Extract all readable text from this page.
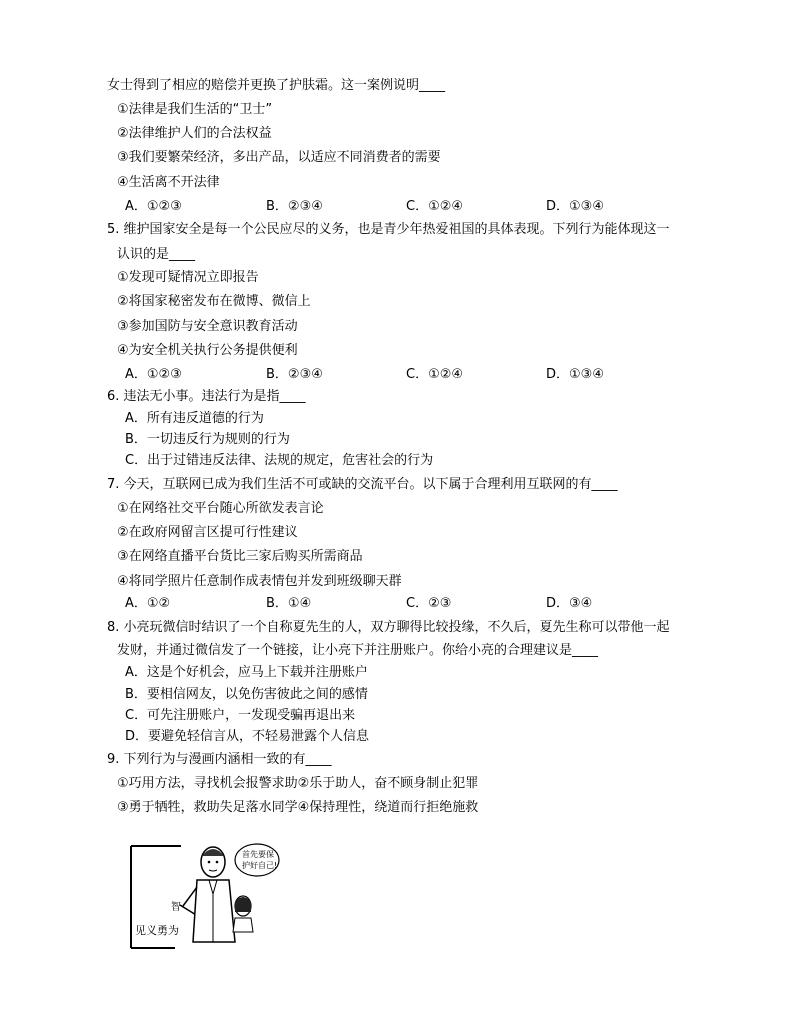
女士得到了相应的赔偿并更换了护肤霜。这一案例说明____
①法律是我们生活的“卫士”
②法律维护人们的合法权益
③我们要繁荣经济，多出产品，以适应不同消费者的需要
④生活离不开法律
A．①②③	B．②③④	C．①②④	D．①③④
5. 维护国家安全是每一个公民应尽的义务，也是青少年热爱祖国的具体表现。下列行为能体现这一
认识的是____
①发现可疑情况立即报告
②将国家秘密发布在微博、微信上
③参加国防与安全意识教育活动
④为安全机关执行公务提供便利
A．①②③	B．②③④	C．①②④	D．①③④
6. 违法无小事。违法行为是指____
A．所有违反道德的行为
B．一切违反行为规则的行为
C．出于过错违反法律、法规的规定，危害社会的行为
7. 今天，互联网已成为我们生活不可或缺的交流平台。以下属于合理利用互联网的有____
①在网络社交平台随心所欲发表言论
②在政府网留言区提可行性建议
③在网络直播平台货比三家后购买所需商品
④将同学照片任意制作成表情包并发到班级聊天群
A．①②	B．①④	C．②③	D．③④
8. 小亮玩微信时结识了一个自称夏先生的人，双方聊得比较投缘，不久后，夏先生称可以带他一起
发财，并通过微信发了一个链接，让小亮下并注册账户。你给小亮的合理建议是____
A．这是个好机会，应马上下载并注册账户
B．要相信网友，以免伤害彼此之间的感情
C．可先注册账户，一发现受骗再退出来
D．要避免轻信言从，不轻易泄露个人信息
9. 下列行为与漫画内涵相一致的有____
①巧用方法，寻找机会报警求助②乐于助人，奋不顾身制止犯罪
③勇于牺牲，救助失足落水同学④保持理性，绕道而行拒绝施救
智
见义勇为
首先要保
护好自己!
